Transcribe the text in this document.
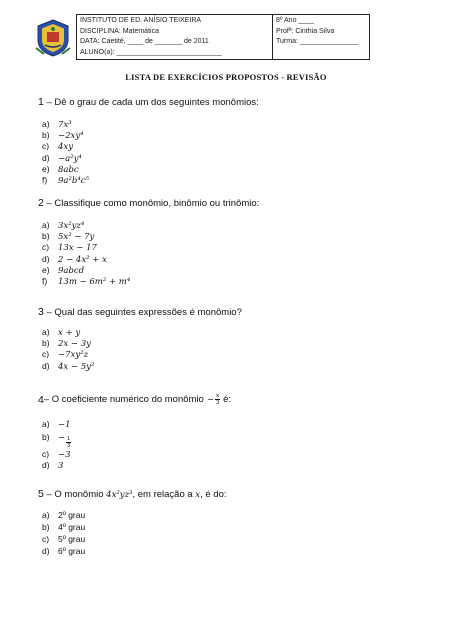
INSTITUTO DE ED. ANÍSIO TEIXEIRA
DISCIPLINA: Matemática
DATA: Caetité, ____ de _______ de 2011
ALUNO(a): ___________________________
8º Ano ____
Profª: Cinthia Silva
Turma: _______________
LISTA DE EXERCÍCIOS PROPOSTOS - REVISÃO
1 – Dê o grau de cada um dos seguintes monômios:
a) 7x³
b) −2xy⁴
c)	4xy
d) −a²y⁴
e) 8abc
f)	9a²b⁴c⁵
2 – Classifique como monômio, binômio ou trinômio:
a) 3x²yz⁴
b) 5x² − 7y
c)	13x − 17
d) 2 − 4x² + x
e) 9abcd
f)	13m − 6m² + m⁴
3 – Qual das seguintes expressões é monômio?
a) x + y
b) 2x − 3y
c)	−7xy²z
d) 4x − 5y²
4 – O coeficiente numérico do monômio − $\frac{x}{3}$ é:
a) −1
$b) - \frac{1}{3}$
c)	−3
d) 3
5 – O monômio 4x²yz³, em relação a x, é do:
a) 2º grau
b) 4º grau
c)	5º grau
d) 6º grau
